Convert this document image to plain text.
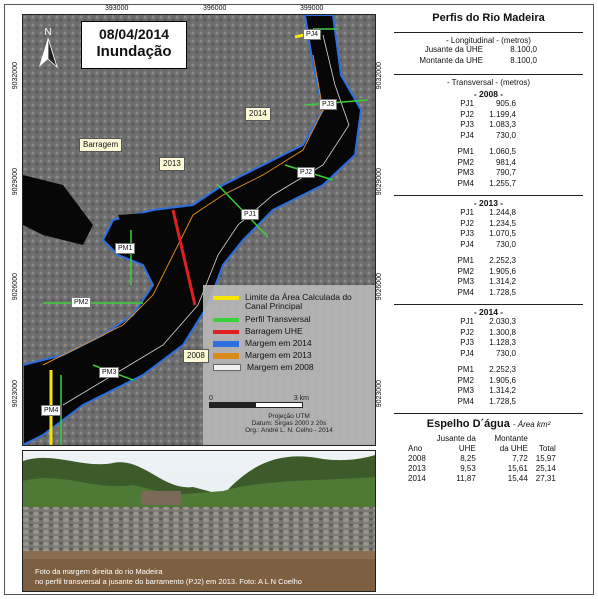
08/04/2014
Inundação
N
2014
Barragem
2013
2008
PJ4
PJ3
PJ2
PJ1
PM1
PM2
PM3
PM4
Limite da Área Calculada do Canal Principal
Perfil Transversal
Barragem UHE
Margem em 2014
Margem em 2013
Margem em 2008
0	3 km
Projeção UTM
Datum: Sirgas 2000 z 20s
Org.: André L. N. Celho - 2014
393000	396000	399000
9032000
9029000
9026000
9023000
9032000
9029000
9026000
9023000
Foto da margem direita do rio Madeira
no perfil transversal a jusante do barramento (PJ2) em 2013. Foto: A L N Coelho
Perfis do Rio Madeira
- Longitudinal - (metros)
Jusante da UHE	8.100,0
Montante da UHE	8.100,0
- Transversal - (metros)
- 2008 -
PJ1	905.6
PJ2	1.199,4
PJ3	1.083,3
PJ4	730,0
PM1	1.060,5
PM2	981,4
PM3	790,7
PM4	1.255,7
- 2013 -
PJ1	1.244,8
PJ2	1.234,5
PJ3	1.070,5
PJ4	730,0
PM1	2.252,3
PM2	1.905,6
PM3	1.314,2
PM4	1.728,5
- 2014 -
PJ1	2.030,3
PJ2	1.300,8
PJ3	1.128,3
PJ4	730,0
PM1	2.252,3
PM2	1.905,6
PM3	1.314,2
PM4	1.728,5
Espelho D´água - Área km²
Ano	Jusante da UHE	Montante da UHE	Total
2008	8,25	7,72	15,97
2013	9,53	15,61	25,14
2014	11,87	15,44	27,31
